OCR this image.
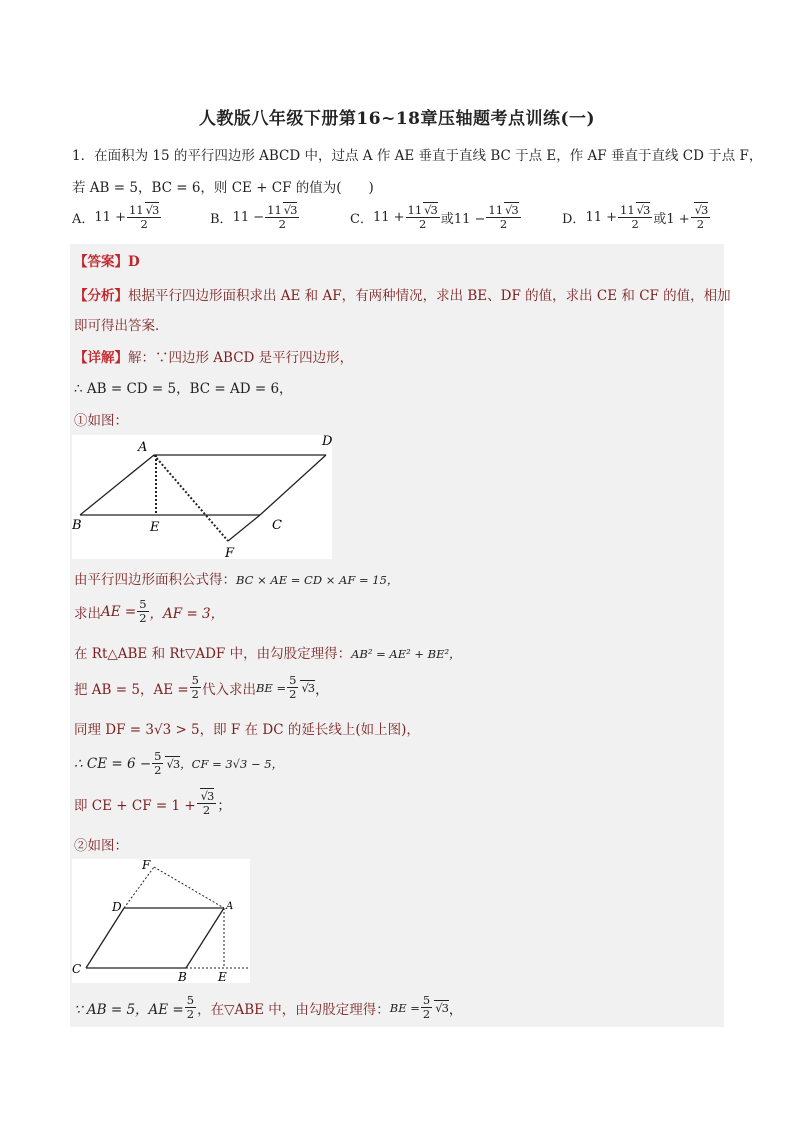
人教版八年级下册第16~18章压轴题考点训练(一)
1．在面积为 15 的平行四边形 ABCD 中，过点 A 作 AE 垂直于直线 BC 于点 E，作 AF 垂直于直线 CD 于点 F，
若 AB = 5，BC = 6，则 CE + CF 的值为(　　)
A． $11 + \frac{11 √ 3}{2}$	B． $11 - \frac{11 √ 3}{2}$	C． $11 + \frac{11 √ 3}{2}$ 或$11 - \frac{11 √ 3}{2}$	D． $11 + \frac{11 √ 3}{2}$ 或1 + √ $\frac{3}{2}$
【答案】D
【分析】根据平行四边形面积求出 AE 和 AF，有两种情况，求出 BE、DF 的值，求出 CE 和 CF 的值，相加
即可得出答案．
【详解】解：∵四边形 ABCD 是平行四边形，
∴ AB = CD = 5，BC = AD = 6，
①如图：
A	D
B	E	C
F
由平行四边形面积公式得：BC × AE = CD × AF = 15，
求出 AE = $\frac{5}{2}$ ，AF = 3，
在 Rt△ABE 和 Rt▽ADF 中，由勾股定理得：AB² = AE² + BE²，
把 AB = 5，AE = $\frac{5}{2}$ 代入求出 BE = $\frac{5}{2}$ √ 3 ，
同理 DF = 3√3 > 5，即 F 在 DC 的延长线上(如上图)，
∴ CE = $6 - \frac{5}{2}$ √ 3 ，CF = 3√3 − 5，
即 CE + CF = 1 + √ $\frac{3}{2}$ ；
②如图：
F
D	A
C
B	E
∵ AB = 5，AE = $\frac{5}{2}$ ，在▽ABE 中，由勾股定理得： BE = $\frac{5}{2}$ √ 3 ，
